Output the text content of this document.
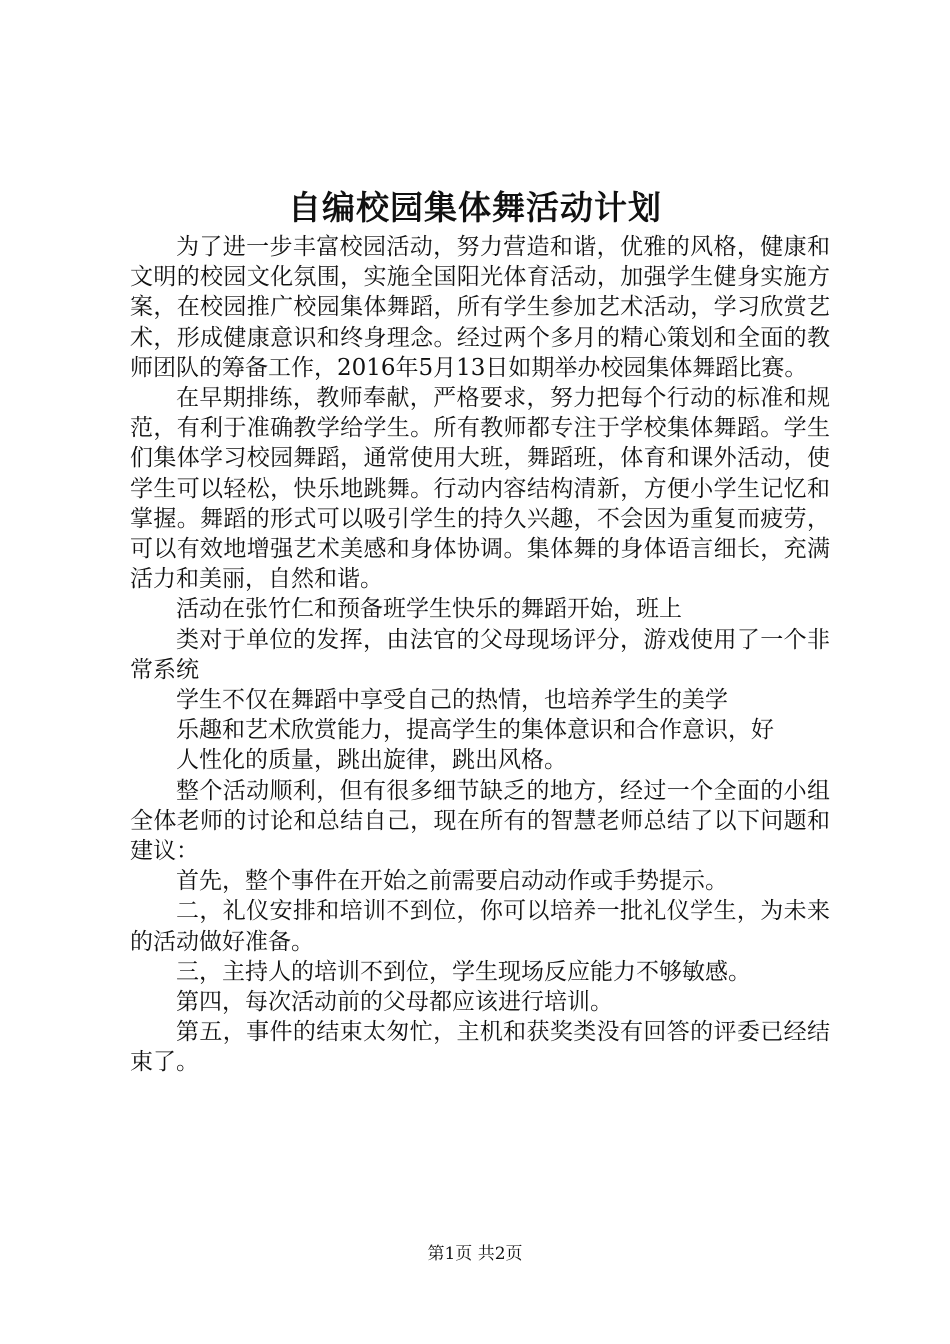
自编校园集体舞活动计划

为了进一步丰富校园活动，努力营造和谐，优雅的风格，健康和文明的校园文化氛围，实施全国阳光体育活动，加强学生健身实施方案，在校园推广校园集体舞蹈，所有学生参加艺术活动，学习欣赏艺术，形成健康意识和终身理念。经过两个多月的精心策划和全面的教师团队的筹备工作，2016年5月13日如期举办校园集体舞蹈比赛。

在早期排练，教师奉献，严格要求，努力把每个行动的标准和规范，有利于准确教学给学生。所有教师都专注于学校集体舞蹈。学生们集体学习校园舞蹈，通常使用大班，舞蹈班，体育和课外活动，使学生可以轻松，快乐地跳舞。行动内容结构清新，方便小学生记忆和掌握。舞蹈的形式可以吸引学生的持久兴趣，不会因为重复而疲劳，可以有效地增强艺术美感和身体协调。集体舞的身体语言细长，充满活力和美丽，自然和谐。

活动在张竹仁和预备班学生快乐的舞蹈开始，班上

类对于单位的发挥，由法官的父母现场评分，游戏使用了一个非常系统

学生不仅在舞蹈中享受自己的热情，也培养学生的美学

乐趣和艺术欣赏能力，提高学生的集体意识和合作意识，好

人性化的质量，跳出旋律，跳出风格。

整个活动顺利，但有很多细节缺乏的地方，经过一个全面的小组全体老师的讨论和总结自己，现在所有的智慧老师总结了以下问题和建议：

首先，整个事件在开始之前需要启动动作或手势提示。

二，礼仪安排和培训不到位，你可以培养一批礼仪学生，为未来的活动做好准备。

三，主持人的培训不到位，学生现场反应能力不够敏感。

第四，每次活动前的父母都应该进行培训。

第五，事件的结束太匆忙，主机和获奖类没有回答的评委已经结束了。

第1页 共2页
